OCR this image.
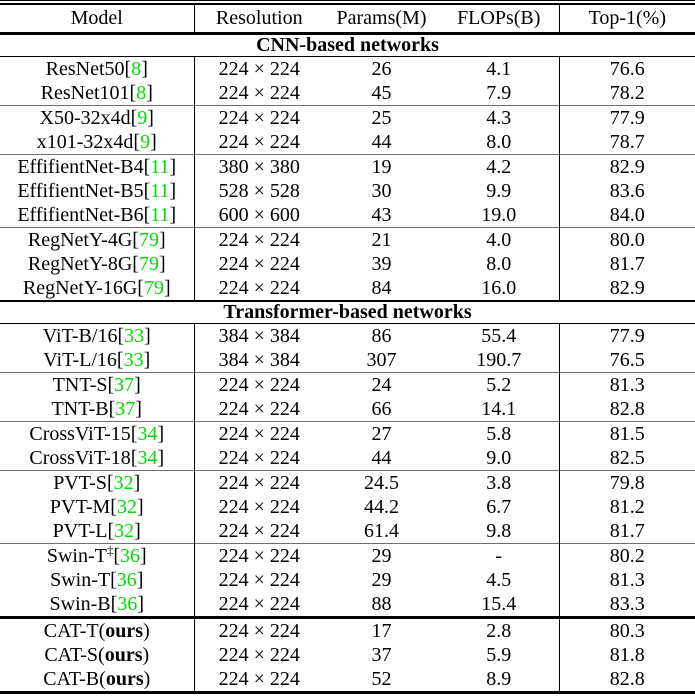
Model	Resolution	Params(M)	FLOPs(B)	Top-1(%)
CNN-based networks				
ResNet50[8]	224 × 224	26	4.1	76.6
ResNet101[8]	224 × 224	45	7.9	78.2
X50-32x4d[9]	224 × 224	25	4.3	77.9
x101-32x4d[9]	224 × 224	44	8.0	78.7
EffifientNet-B4[11]	380 × 380	19	4.2	82.9
EffifientNet-B5[11]	528 × 528	30	9.9	83.6
EffifientNet-B6[11]	600 × 600	43	19.0	84.0
RegNetY-4G[79]	224 × 224	21	4.0	80.0
RegNetY-8G[79]	224 × 224	39	8.0	81.7
RegNetY-16G[79]	224 × 224	84	16.0	82.9
Transformer-based networks				
ViT-B/16[33]	384 × 384	86	55.4	77.9
ViT-L/16[33]	384 × 384	307	190.7	76.5
TNT-S[37]	224 × 224	24	5.2	81.3
TNT-B[37]	224 × 224	66	14.1	82.8
CrossViT-15[34]	224 × 224	27	5.8	81.5
CrossViT-18[34]	224 × 224	44	9.0	82.5
PVT-S[32]	224 × 224	24.5	3.8	79.8
PVT-M[32]	224 × 224	44.2	6.7	81.2
PVT-L[32]	224 × 224	61.4	9.8	81.7
Swin-T‡[36]	224 × 224	29	-	80.2
Swin-T[36]	224 × 224	29	4.5	81.3
Swin-B[36]	224 × 224	88	15.4	83.3
CAT-T(ours)	224 × 224	17	2.8	80.3
CAT-S(ours)	224 × 224	37	5.9	81.8
CAT-B(ours)	224 × 224	52	8.9	82.8
